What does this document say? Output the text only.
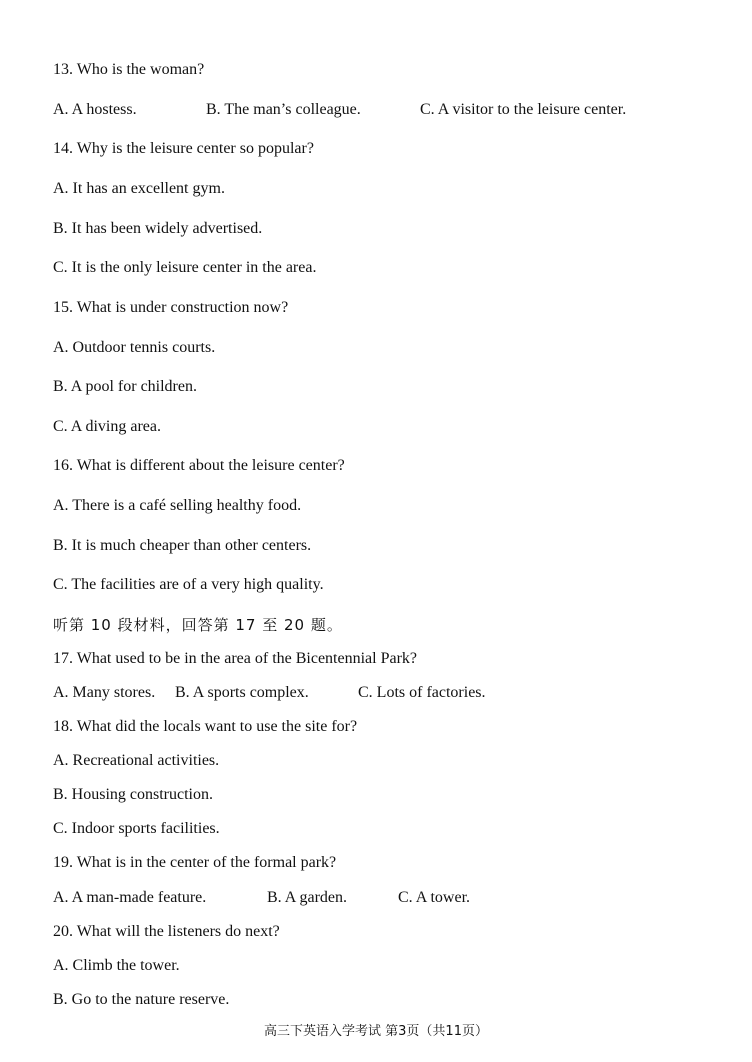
13. Who is the woman?
A. A hostess.	B. The man’s colleague.	C. A visitor to the leisure center.
14. Why is the leisure center so popular?
A. It has an excellent gym.
B. It has been widely advertised.
C. It is the only leisure center in the area.
15. What is under construction now?
A. Outdoor tennis courts.
B. A pool for children.
C. A diving area.
16. What is different about the leisure center?
A. There is a café selling healthy food.
B. It is much cheaper than other centers.
C. The facilities are of a very high quality.
听第 10 段材料，回答第 17 至 20 题。
17. What used to be in the area of the Bicentennial Park?
A. Many stores. B. A sports complex.	C. Lots of factories.
18. What did the locals want to use the site for?
A. Recreational activities.
B. Housing construction.
C. Indoor sports facilities.
19. What is in the center of the formal park?
A. A man-made feature.	B. A garden.	C. A tower.
20. What will the listeners do next?
A. Climb the tower.
B. Go to the nature reserve.
高三下英语入学考试 第3页（共11页）
